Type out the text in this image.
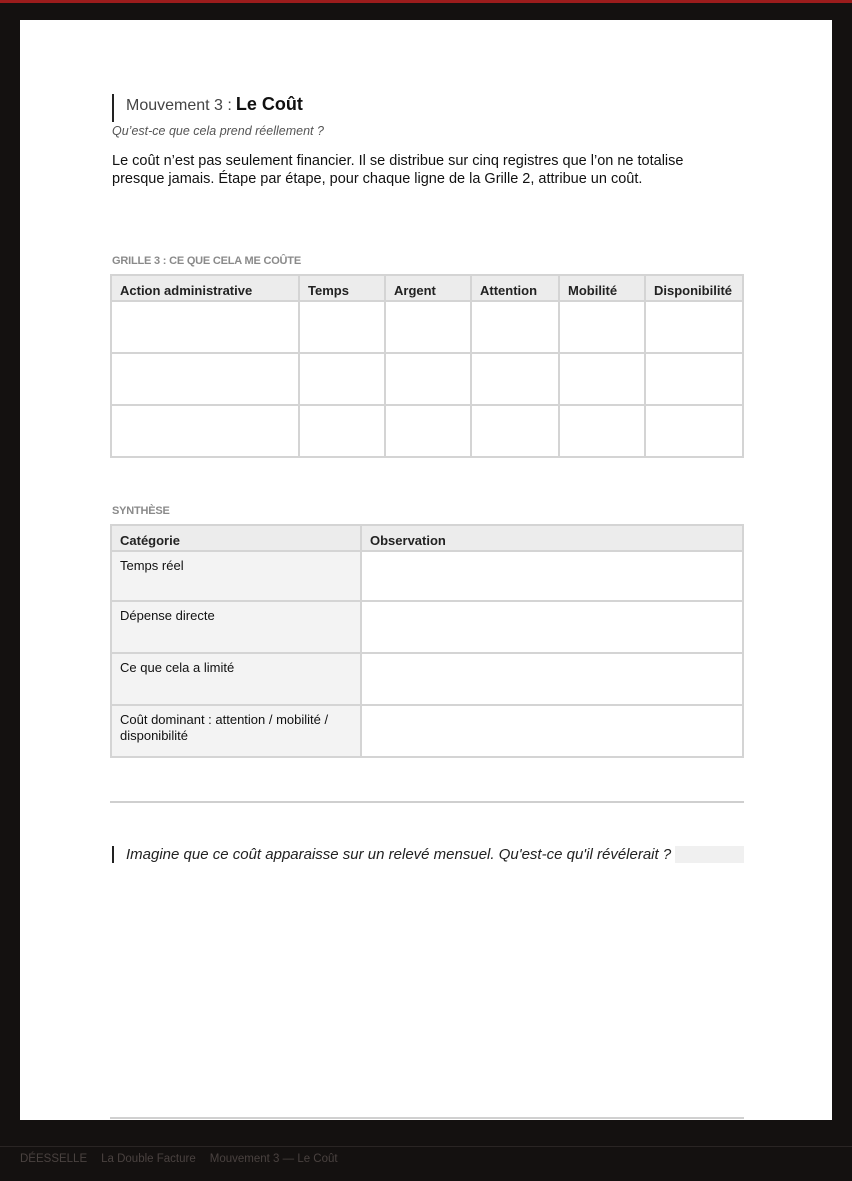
Mouvement 3 : Le Coût
Qu’est-ce que cela prend réellement ?
Le coût n’est pas seulement financier. Il se distribue sur cinq registres que l’on ne totalise presque jamais. Étape par étape, pour chaque ligne de la Grille 2, attribue un coût.
GRILLE 3 : CE QUE CELA ME COÛTE
Action administrative	Temps	Argent	Attention	Mobilité	Disponibilité

SYNTHÈSE
Catégorie	Observation
Temps réel	
Dépense directe	
Ce que cela a limité	
Coût dominant : attention / mobilité / disponibilité	
Imagine que ce coût apparaisse sur un relevé mensuel. Qu'est-ce qu'il révélerait ?
DÉESSELLE La Double Facture Mouvement 3 — Le Coût
